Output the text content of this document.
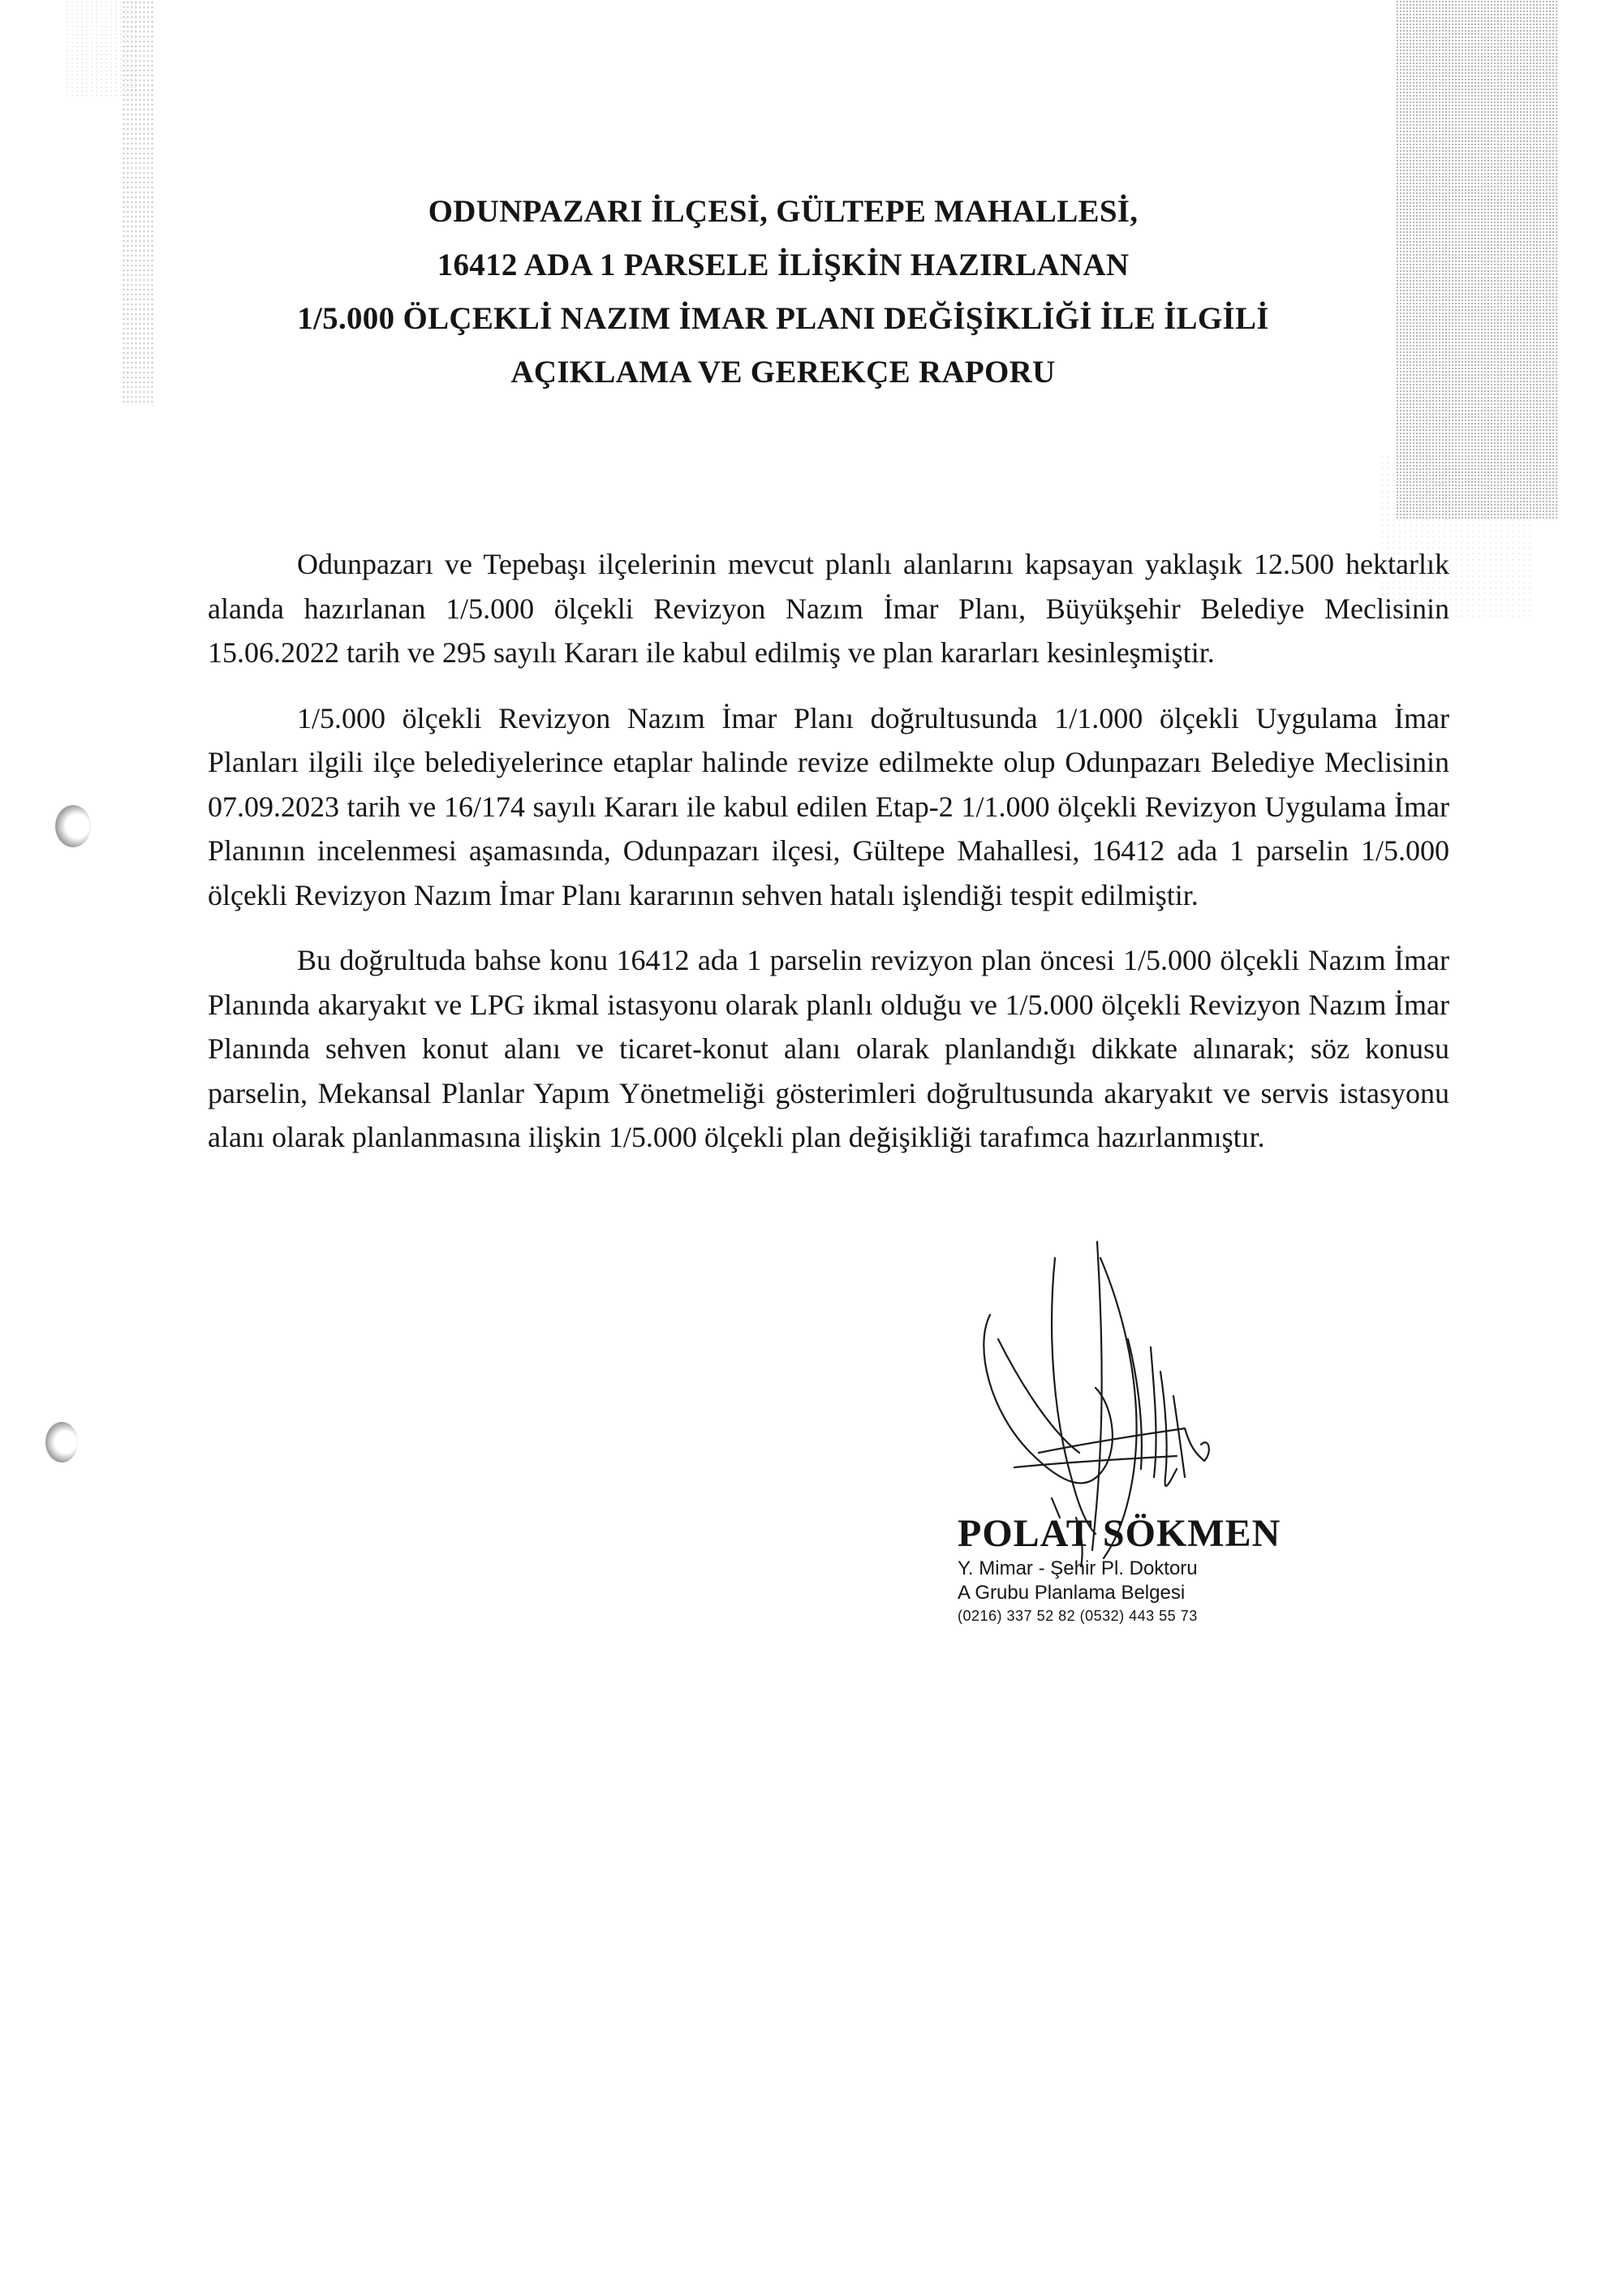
ODUNPAZARI İLÇESİ, GÜLTEPE MAHALLESİ,
16412 ADA 1 PARSELE İLİŞKİN HAZIRLANAN
1/5.000 ÖLÇEKLİ NAZIM İMAR PLANI DEĞİŞİKLİĞİ İLE İLGİLİ
AÇIKLAMA VE GEREKÇE RAPORU

Odunpazarı ve Tepebaşı ilçelerinin mevcut planlı alanlarını kapsayan yaklaşık 12.500 hektarlık alanda hazırlanan 1/5.000 ölçekli Revizyon Nazım İmar Planı, Büyükşehir Belediye Meclisinin 15.06.2022 tarih ve 295 sayılı Kararı ile kabul edilmiş ve plan kararları kesinleşmiştir.

1/5.000 ölçekli Revizyon Nazım İmar Planı doğrultusunda 1/1.000 ölçekli Uygulama İmar Planları ilgili ilçe belediyelerince etaplar halinde revize edilmekte olup Odunpazarı Belediye Meclisinin 07.09.2023 tarih ve 16/174 sayılı Kararı ile kabul edilen Etap-2 1/1.000 ölçekli Revizyon Uygulama İmar Planının incelenmesi aşamasında, Odunpazarı ilçesi, Gültepe Mahallesi, 16412 ada 1 parselin 1/5.000 ölçekli Revizyon Nazım İmar Planı kararının sehven hatalı işlendiği tespit edilmiştir.

Bu doğrultuda bahse konu 16412 ada 1 parselin revizyon plan öncesi 1/5.000 ölçekli Nazım İmar Planında akaryakıt ve LPG ikmal istasyonu olarak planlı olduğu ve 1/5.000 ölçekli Revizyon Nazım İmar Planında sehven konut alanı ve ticaret-konut alanı olarak planlandığı dikkate alınarak; söz konusu parselin, Mekansal Planlar Yapım Yönetmeliği gösterimleri doğrultusunda akaryakıt ve servis istasyonu alanı olarak planlanmasına ilişkin 1/5.000 ölçekli plan değişikliği tarafımca hazırlanmıştır.

POLAT SÖKMEN
Y. Mimar - Şehir Pl. Doktoru
A Grubu Planlama Belgesi
(0216) 337 52 82 (0532) 443 55 73
